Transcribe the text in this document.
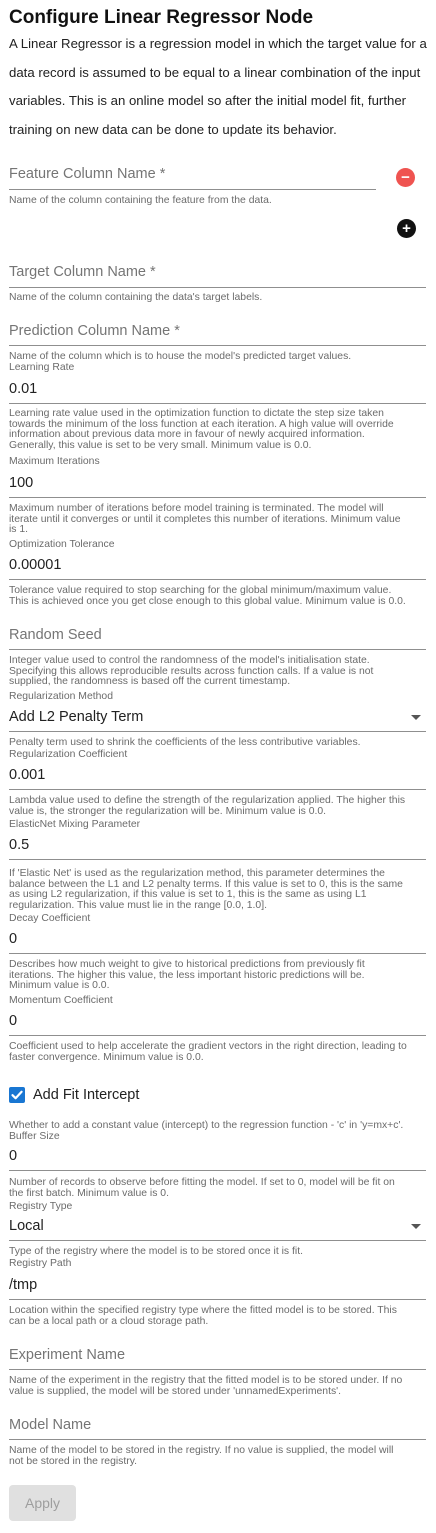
Configure Linear Regressor Node
A Linear Regressor is a regression model in which the target value for a
data record is assumed to be equal to a linear combination of the input
variables. This is an online model so after the initial model fit, further
training on new data can be done to update its behavior.
Feature Column Name *
Name of the column containing the feature from the data.
−
+
Target Column Name *
Name of the column containing the data's target labels.
Prediction Column Name *
Name of the column which is to house the model's predicted target values.
Learning Rate
0.01
Learning rate value used in the optimization function to dictate the step size taken
towards the minimum of the loss function at each iteration. A high value will override
information about previous data more in favour of newly acquired information.
Generally, this value is set to be very small. Minimum value is 0.0.
Maximum Iterations
100
Maximum number of iterations before model training is terminated. The model will
iterate until it converges or until it completes this number of iterations. Minimum value
is 1.
Optimization Tolerance
0.00001
Tolerance value required to stop searching for the global minimum/maximum value.
This is achieved once you get close enough to this global value. Minimum value is 0.0.
Random Seed
Integer value used to control the randomness of the model's initialisation state.
Specifying this allows reproducible results across function calls. If a value is not
supplied, the randomness is based off the current timestamp.
Regularization Method
Add L2 Penalty Term
Penalty term used to shrink the coefficients of the less contributive variables.
Regularization Coefficient
0.001
Lambda value used to define the strength of the regularization applied. The higher this
value is, the stronger the regularization will be. Minimum value is 0.0.
ElasticNet Mixing Parameter
0.5
If 'Elastic Net' is used as the regularization method, this parameter determines the
balance between the L1 and L2 penalty terms. If this value is set to 0, this is the same
as using L2 regularization, if this value is set to 1, this is the same as using L1
regularization. This value must lie in the range [0.0, 1.0].
Decay Coefficient
0
Describes how much weight to give to historical predictions from previously fit
iterations. The higher this value, the less important historic predictions will be.
Minimum value is 0.0.
Momentum Coefficient
0
Coefficient used to help accelerate the gradient vectors in the right direction, leading to
faster convergence. Minimum value is 0.0.
Add Fit Intercept
Whether to add a constant value (intercept) to the regression function - 'c' in 'y=mx+c'.
Buffer Size
0
Number of records to observe before fitting the model. If set to 0, model will be fit on
the first batch. Minimum value is 0.
Registry Type
Local
Type of the registry where the model is to be stored once it is fit.
Registry Path
/tmp
Location within the specified registry type where the fitted model is to be stored. This
can be a local path or a cloud storage path.
Experiment Name
Name of the experiment in the registry that the fitted model is to be stored under. If no
value is supplied, the model will be stored under 'unnamedExperiments'.
Model Name
Name of the model to be stored in the registry. If no value is supplied, the model will
not be stored in the registry.
Apply
